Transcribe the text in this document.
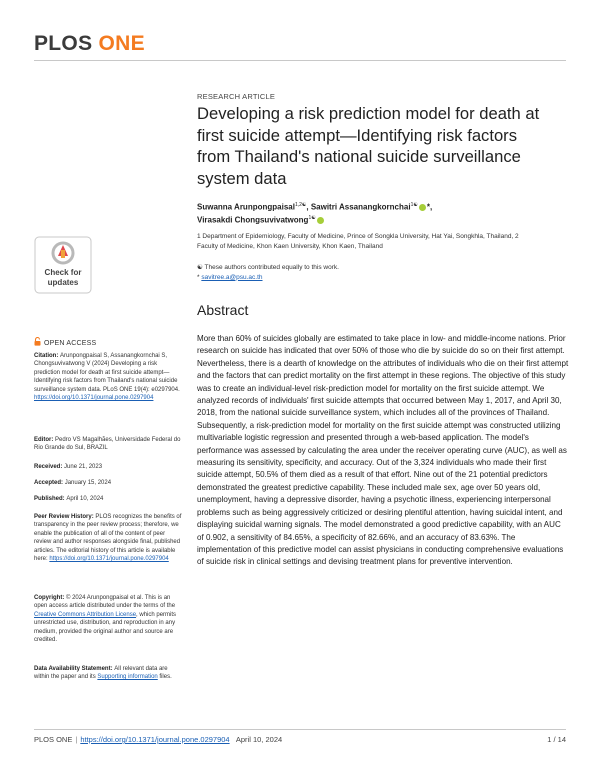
PLOS ONE
RESEARCH ARTICLE
Developing a risk prediction model for death at first suicide attempt—Identifying risk factors from Thailand's national suicide surveillance system data
Suwanna Arunpongpaisal$^{1,2☯}$, Sawitri Assanangkornchai$^{1☯}$ *,
Virasakdi Chongsuvivatwong$^{1☯}$
1 Department of Epidemiology, Faculty of Medicine, Prince of Songkla University, Hat Yai, Songkhla, Thailand, 2 Faculty of Medicine, Khon Kaen University, Khon Kaen, Thailand
☯ These authors contributed equally to this work.
* savitree.a@psu.ac.th
Check for
updates
OPEN ACCESS
Citation: Arunpongpaisal S, Assanangkornchai S, Chongsuvivatwong V (2024) Developing a risk prediction model for death at first suicide attempt—Identifying risk factors from Thailand's national suicide surveillance system data. PLoS ONE 19(4): e0297904. https://doi.org/10.1371/journal.pone.0297904
Editor: Pedro VS Magalhães, Universidade Federal do Rio Grande do Sul, BRAZIL
Received: June 21, 2023
Accepted: January 15, 2024
Published: April 10, 2024
Peer Review History: PLOS recognizes the benefits of transparency in the peer review process; therefore, we enable the publication of all of the content of peer review and author responses alongside final, published articles. The editorial history of this article is available here: https://doi.org/10.1371/journal.pone.0297904
Copyright: © 2024 Arunpongpaisal et al. This is an open access article distributed under the terms of the Creative Commons Attribution License, which permits unrestricted use, distribution, and reproduction in any medium, provided the original author and source are credited.
Data Availability Statement: All relevant data are within the paper and its Supporting information files.
Abstract

More than 60% of suicides globally are estimated to take place in low- and middle-income nations. Prior research on suicide has indicated that over 50% of those who die by suicide do so on their first attempt. Nevertheless, there is a dearth of knowledge on the attributes of individuals who die on their first attempt and the factors that can predict mortality on the first attempt in these regions. The objective of this study was to create an individual-level risk-prediction model for mortality on the first suicide attempt. We analyzed records of individuals' first suicide attempts that occurred between May 1, 2017, and April 30, 2018, from the national suicide surveillance system, which includes all of the provinces of Thailand. Subsequently, a risk-prediction model for mortality on the first suicide attempt was constructed utilizing multivariable logistic regression and presented through a web-based application. The model's performance was assessed by calculating the area under the receiver operating curve (AUC), as well as measuring its sensitivity, specificity, and accuracy. Out of the 3,324 individuals who made their first suicide attempt, 50.5% of them died as a result of that effort. Nine out of the 21 potential predictors demonstrated the greatest predictive capability. These included male sex, age over 50 years old, unemployment, having a depressive disorder, having a psychotic illness, experiencing interpersonal problems such as being aggressively criticized or desiring plentiful attention, having suicidal intent, and displaying suicidal warning signals. The model demonstrated a good predictive capability, with an AUC of 0.902, a sensitivity of 84.65%, a specificity of 82.66%, and an accuracy of 83.63%. The implementation of this predictive model can assist physicians in conducting comprehensive evaluations of suicide risk in clinical settings and devising treatment plans for preventive intervention.

PLOS ONE | https://doi.org/10.1371/journal.pone.0297904 April 10, 2024	1 / 14
